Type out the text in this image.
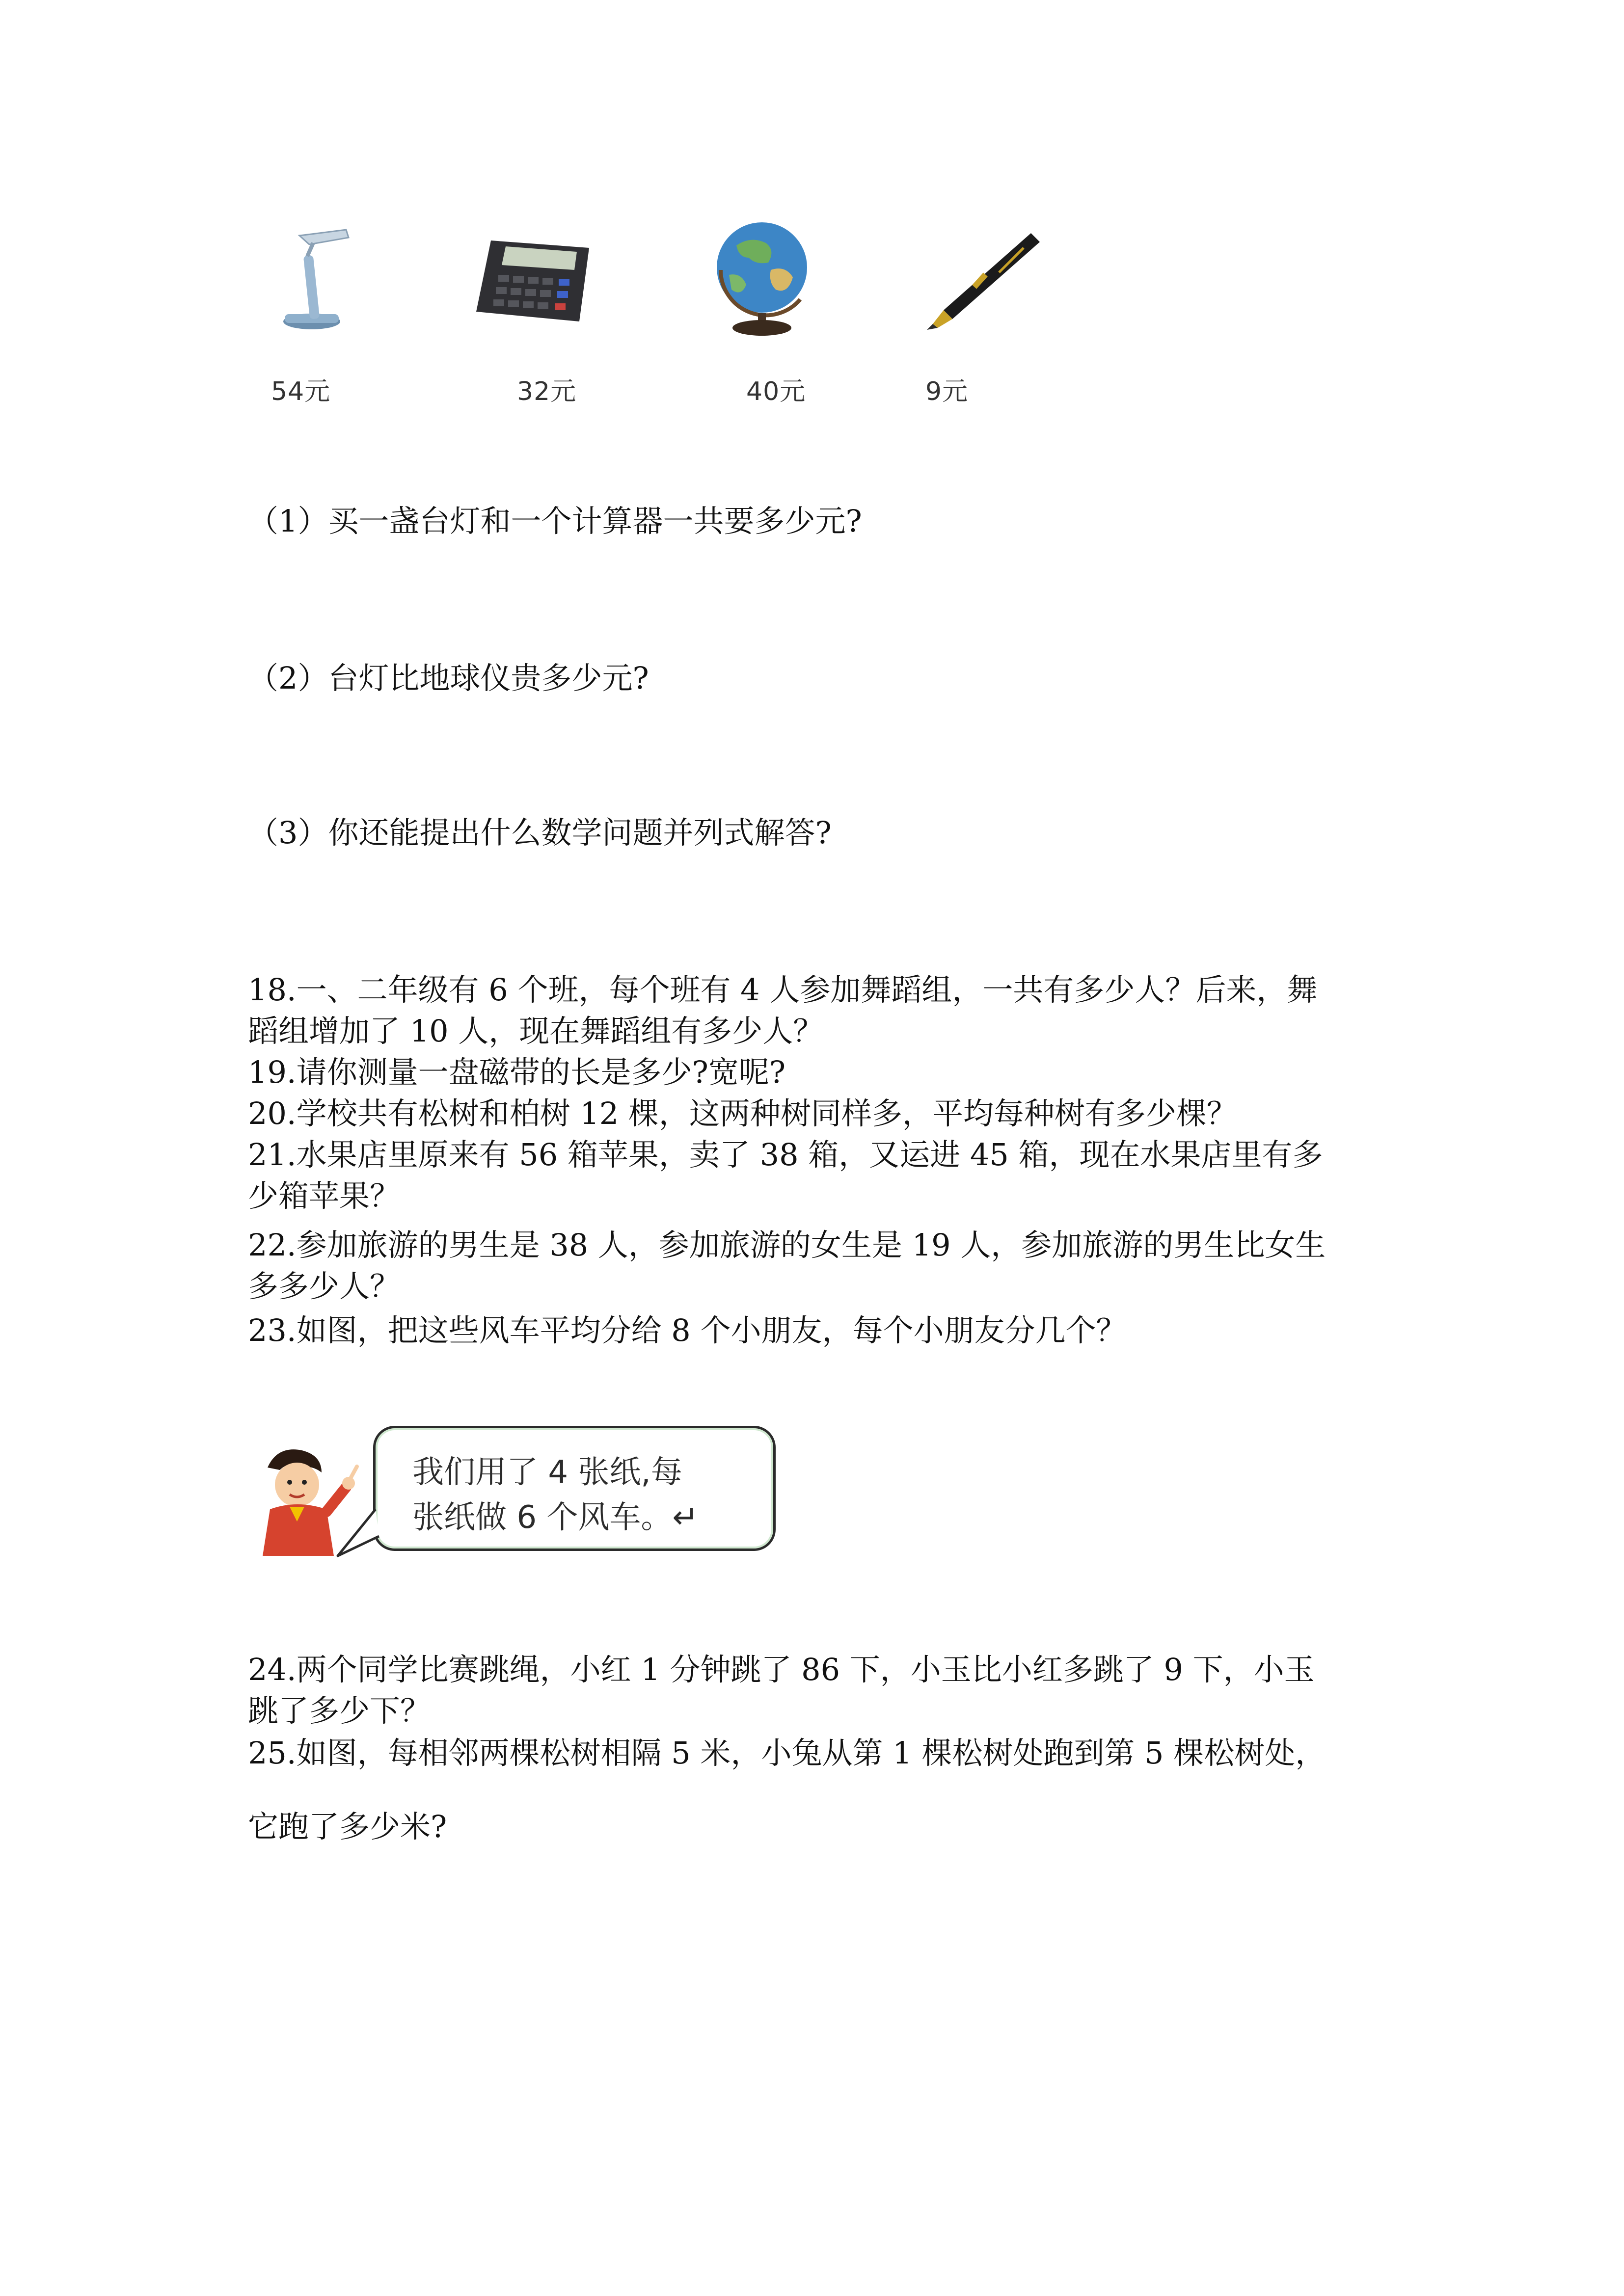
54元	32元	40元	9元
（1）买一盏台灯和一个计算器一共要多少元?
（2）台灯比地球仪贵多少元?
（3）你还能提出什么数学问题并列式解答?
18.一、二年级有 6 个班，每个班有 4 人参加舞蹈组，一共有多少人？后来，舞
蹈组增加了 10 人，现在舞蹈组有多少人？
19.请你测量一盘磁带的长是多少?宽呢?
20.学校共有松树和柏树 12 棵，这两种树同样多，平均每种树有多少棵？
21.水果店里原来有 56 箱苹果，卖了 38 箱，又运进 45 箱，现在水果店里有多
少箱苹果？
22.参加旅游的男生是 38 人，参加旅游的女生是 19 人，参加旅游的男生比女生
多多少人？
23.如图，把这些风车平均分给 8 个小朋友，每个小朋友分几个？
我们用了 4 张纸,每
张纸做 6 个风车。↵
24.两个同学比赛跳绳，小红 1 分钟跳了 86 下，小玉比小红多跳了 9 下，小玉
跳了多少下？
25.如图，每相邻两棵松树相隔 5 米，小兔从第 1 棵松树处跑到第 5 棵松树处，
它跑了多少米?
